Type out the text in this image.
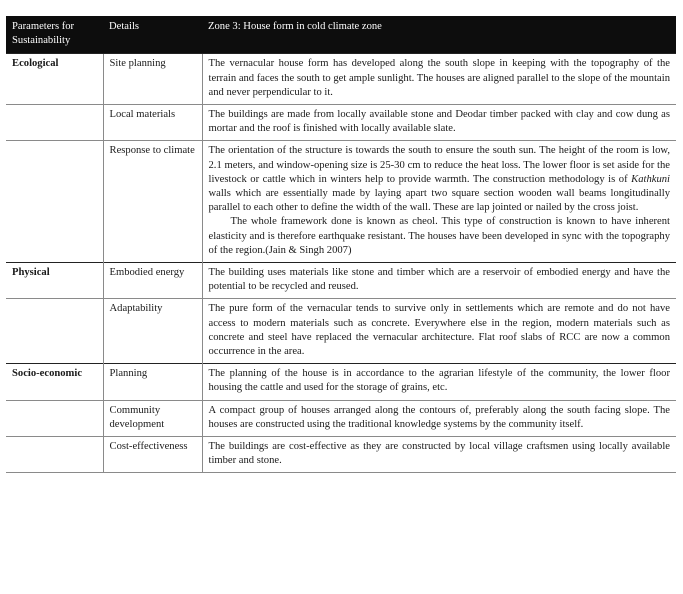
Parameters for Sustainability	Details	Zone 3: House form in cold climate zone
Ecological	Site planning	The vernacular house form has developed along the south slope in keeping with the topography of the terrain and faces the south to get ample sunlight. The houses are aligned parallel to the slope of the mountain and never perpendicular to it.
	Local materials	The buildings are made from locally available stone and Deodar timber packed with clay and cow dung as mortar and the roof is finished with locally available slate.
	Response to climate	The orientation of the structure is towards the south to ensure the south sun. The height of the room is low, 2.1 meters, and window-opening size is 25-30 cm to reduce the heat loss. The lower floor is set aside for the livestock or cattle which in winters help to provide warmth. The construction methodology is of Kathkuni walls which are essentially made by laying apart two square section wooden wall beams longitudinally parallel to each other to define the width of the wall. These are lap jointed or nailed by the cross joist.
The whole framework done is known as cheol. This type of construction is known to have inherent elasticity and is therefore earthquake resistant. The houses have been developed in sync with the topography of the region.(Jain & Singh 2007)

Physical	Embodied energy	The building uses materials like stone and timber which are a reservoir of embodied energy and have the potential to be recycled and reused.
	Adaptability	The pure form of the vernacular tends to survive only in settlements which are remote and do not have access to modern materials such as concrete. Everywhere else in the region, modern materials such as concrete and steel have replaced the vernacular architecture. Flat roof slabs of RCC are now a common occurrence in the area.
Socio-economic	Planning	The planning of the house is in accordance to the agrarian lifestyle of the community, the lower floor housing the cattle and used for the storage of grains, etc.
	Community development	A compact group of houses arranged along the contours of, preferably along the south facing slope. The houses are constructed using the traditional knowledge systems by the community itself.
	Cost-effectiveness	The buildings are cost-effective as they are constructed by local village craftsmen using locally available timber and stone.
